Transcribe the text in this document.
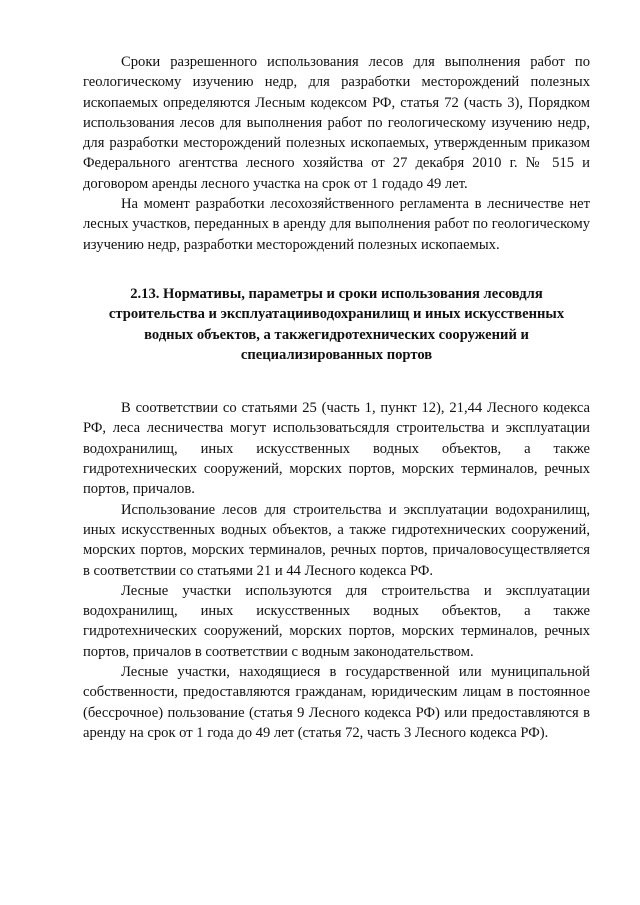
Сроки разрешенного использования лесов для выполнения работ по геологическому изучению недр, для разработки месторождений полезных ископаемых определяются Лесным кодексом РФ, статья 72 (часть 3), Порядком использования лесов для выполнения работ по геологическому изучению недр, для разработки месторождений полезных ископаемых, утвержденным приказом Федерального агентства лесного хозяйства от 27 декабря 2010 г. № 515 и договором аренды лесного участка на срок от 1 годадо 49 лет.

На момент разработки лесохозяйственного регламента в лесничестве нет лесных участков, переданных в аренду для выполнения работ по геологическому изучению недр, разработки месторождений полезных ископаемых.

2.13. Нормативы, параметры и сроки использования лесовдля строительства и эксплуатацииводохранилищ и иных искусственных водных объектов, а такжегидротехнических сооружений и специализированных портов

В соответствии со статьями 25 (часть 1, пункт 12), 21,44 Лесного кодекса РФ, леса лесничества могут использоватьсядля строительства и эксплуатации водохранилищ, иных искусственных водных объектов, а также гидротехнических сооружений, морских портов, морских терминалов, речных портов, причалов.

Использование лесов для строительства и эксплуатации водохранилищ, иных искусственных водных объектов, а также гидротехнических сооружений, морских портов, морских терминалов, речных портов, причаловосуществляется в соответствии со статьями 21 и 44 Лесного кодекса РФ.

Лесные участки используются для строительства и эксплуатации водохранилищ, иных искусственных водных объектов, а также гидротехнических сооружений, морских портов, морских терминалов, речных портов, причалов в соответствии с водным законодательством.

Лесные участки, находящиеся в государственной или муниципальной собственности, предоставляются гражданам, юридическим лицам в постоянное (бессрочное) пользование (статья 9 Лесного кодекса РФ) или предоставляются в аренду на срок от 1 года до 49 лет (статья 72, часть 3 Лесного кодекса РФ).
